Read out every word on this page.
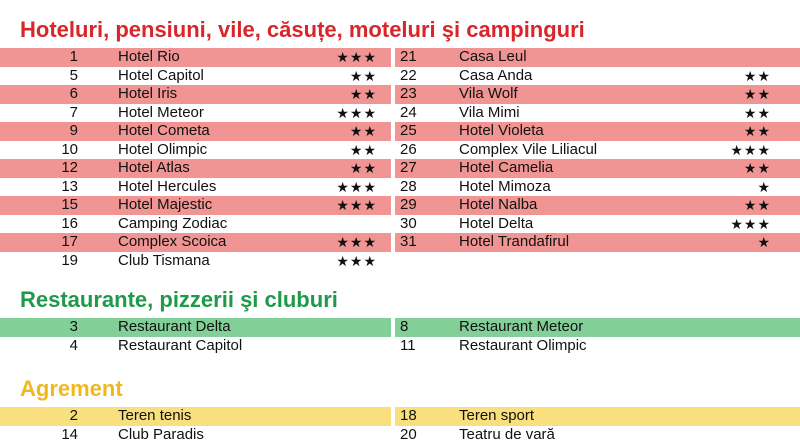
Hoteluri, pensiuni, vile, căsuțe, moteluri şi campinguri
1	Hotel Rio	★★★ 21	Casa Leul
5	Hotel Capitol	★★ 22	Casa Anda	★★
6	Hotel Iris	★★ 23	Vila Wolf	★★
7	Hotel Meteor	★★★ 24	Vila Mimi	★★
9	Hotel Cometa	★★ 25	Hotel Violeta	★★
10	Hotel Olimpic	★★ 26	Complex Vile Liliacul	★★★
12	Hotel Atlas	★★ 27	Hotel Camelia	★★
13	Hotel Hercules	★★★ 28	Hotel Mimoza	★
15	Hotel Majestic	★★★ 29	Hotel Nalba	★★
16	Camping Zodiac	30	Hotel Delta	★★★
17	Complex Scoica	★★★ 31	Hotel Trandafirul	★
19	Club Tismana	★★★
Restaurante, pizzerii şi cluburi
3	Restaurant Delta	8	Restaurant Meteor
4	Restaurant Capitol	11	Restaurant Olimpic
Agrement
2	Teren tenis	18	Teren sport
14	Club Paradis	20	Teatru de vară
